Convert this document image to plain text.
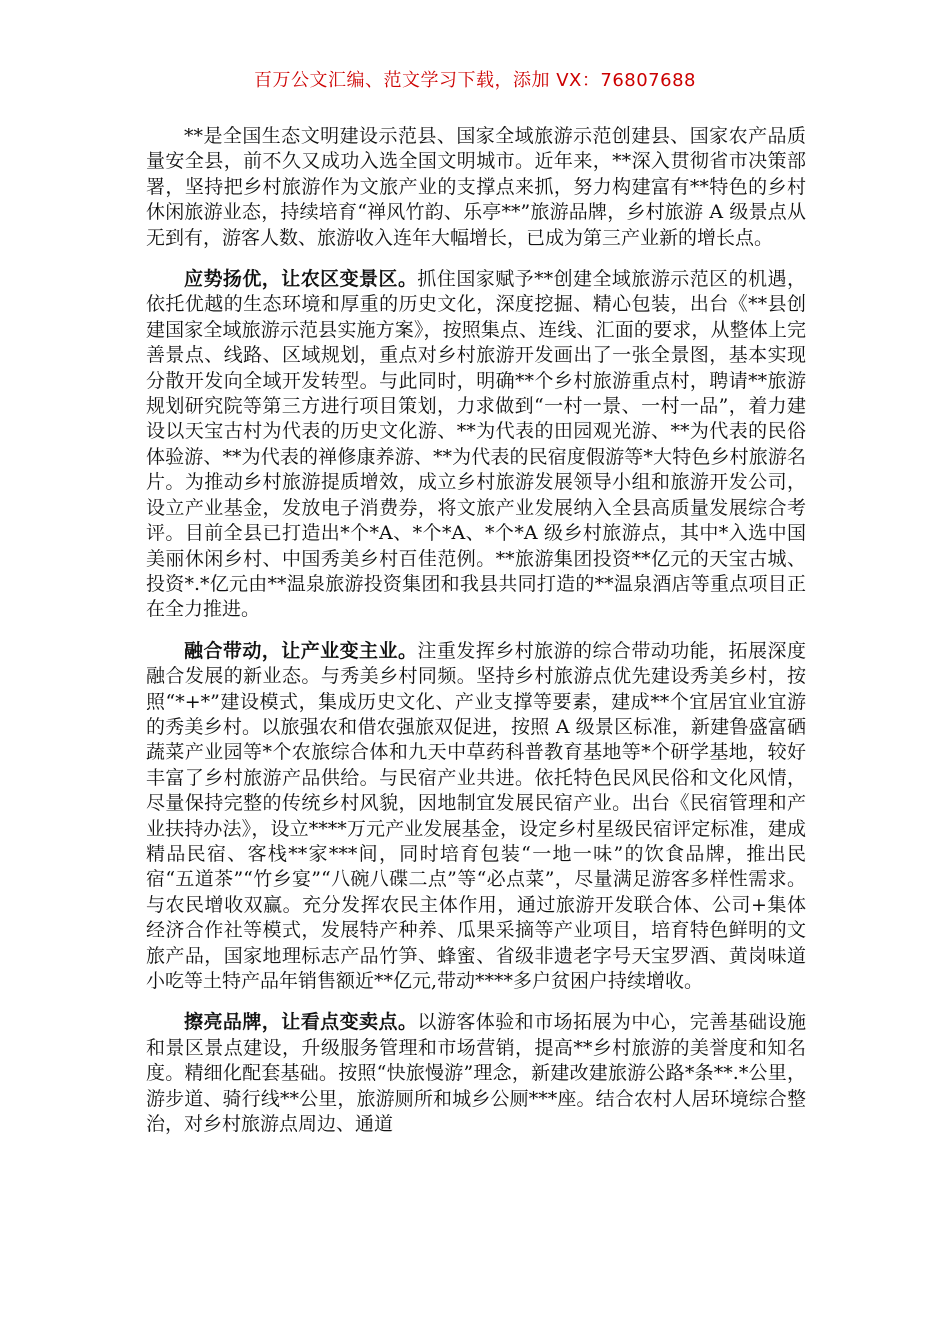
百万公文汇编、范文学习下载，添加 VX：76807688

**是全国生态文明建设示范县、国家全域旅游示范创建县、国家农产品质量安全县，前不久又成功入选全国文明城市。近年来，**深入贯彻省市决策部署，坚持把乡村旅游作为文旅产业的支撑点来抓，努力构建富有**特色的乡村休闲旅游业态，持续培育“禅风竹韵、乐亭**”旅游品牌，乡村旅游 A 级景点从无到有，游客人数、旅游收入连年大幅增长，已成为第三产业新的增长点。

应势扬优，让农区变景区。抓住国家赋予**创建全域旅游示范区的机遇，依托优越的生态环境和厚重的历史文化，深度挖掘、精心包装，出台《**县创建国家全域旅游示范县实施方案》，按照集点、连线、汇面的要求，从整体上完善景点、线路、区域规划，重点对乡村旅游开发画出了一张全景图，基本实现分散开发向全域开发转型。与此同时，明确**个乡村旅游重点村，聘请**旅游规划研究院等第三方进行项目策划，力求做到“一村一景、一村一品”，着力建设以天宝古村为代表的历史文化游、**为代表的田园观光游、**为代表的民俗体验游、**为代表的禅修康养游、**为代表的民宿度假游等*大特色乡村旅游名片。为推动乡村旅游提质增效，成立乡村旅游发展领导小组和旅游开发公司，设立产业基金，发放电子消费券，将文旅产业发展纳入全县高质量发展综合考评。目前全县已打造出*个*A、*个*A、*个*A 级乡村旅游点，其中*入选中国美丽休闲乡村、中国秀美乡村百佳范例。**旅游集团投资**亿元的天宝古城、投资*.*亿元由**温泉旅游投资集团和我县共同打造的**温泉酒店等重点项目正在全力推进。

融合带动，让产业变主业。注重发挥乡村旅游的综合带动功能，拓展深度融合发展的新业态。与秀美乡村同频。坚持乡村旅游点优先建设秀美乡村，按照“*+*”建设模式，集成历史文化、产业支撑等要素，建成**个宜居宜业宜游的秀美乡村。以旅强农和借农强旅双促进，按照 A 级景区标准，新建鲁盛富硒蔬菜产业园等*个农旅综合体和九天中草药科普教育基地等*个研学基地，较好丰富了乡村旅游产品供给。与民宿产业共进。依托特色民风民俗和文化风情，尽量保持完整的传统乡村风貌，因地制宜发展民宿产业。出台《民宿管理和产业扶持办法》，设立****万元产业发展基金，设定乡村星级民宿评定标准，建成精品民宿、客栈**家***间，同时培育包装“一地一味”的饮食品牌，推出民宿“五道茶”“竹乡宴”“八碗八碟二点”等“必点菜”，尽量满足游客多样性需求。与农民增收双赢。充分发挥农民主体作用，通过旅游开发联合体、公司+集体经济合作社等模式，发展特产种养、瓜果采摘等产业项目，培育特色鲜明的文旅产品，国家地理标志产品竹笋、蜂蜜、省级非遗老字号天宝罗酒、黄岗味道小吃等土特产品年销售额近**亿元,带动****多户贫困户持续增收。

擦亮品牌，让看点变卖点。以游客体验和市场拓展为中心，完善基础设施和景区景点建设，升级服务管理和市场营销，提高**乡村旅游的美誉度和知名度。精细化配套基础。按照“快旅慢游”理念，新建改建旅游公路*条**.*公里，游步道、骑行线**公里，旅游厕所和城乡公厕***座。结合农村人居环境综合整治，对乡村旅游点周边、通道
